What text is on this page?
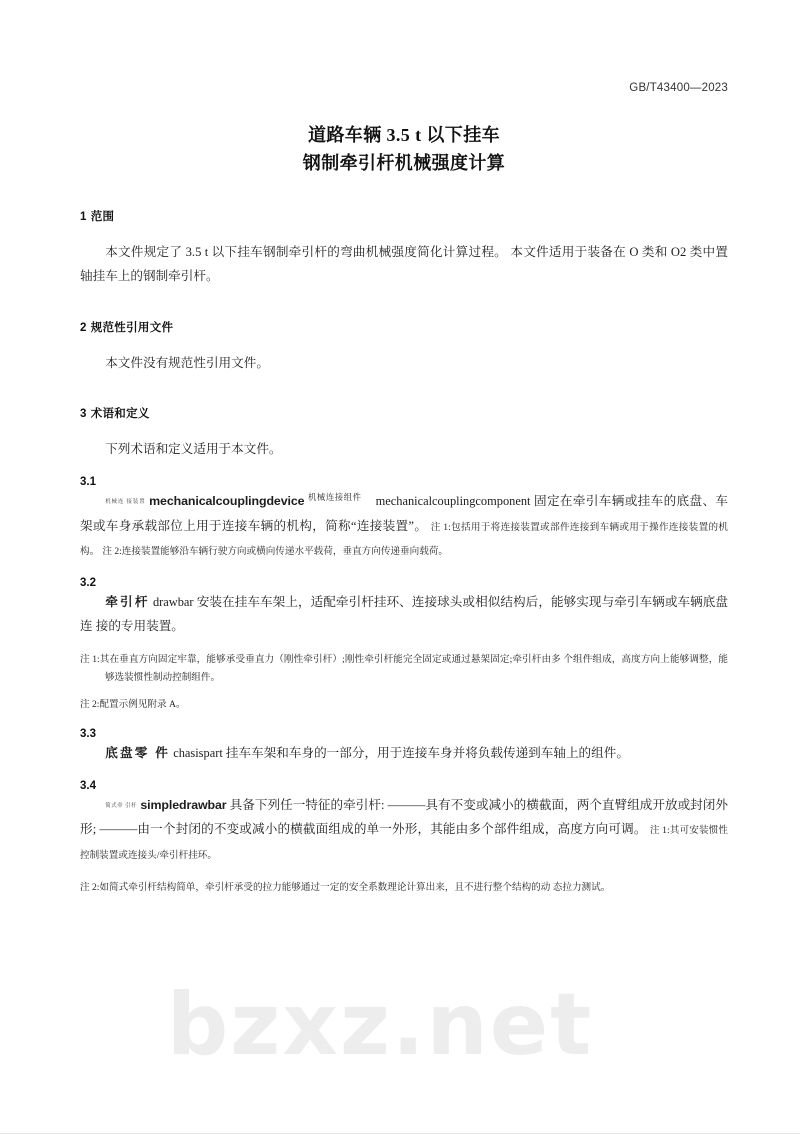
bzxz.net
GB/T43400—2023
道路车辆 3.5 t 以下挂车
钢制牵引杆机械强度计算
1 范围

本文件规定了 3.5 t 以下挂车钢制牵引杆的弯曲机械强度简化计算过程。 本文件适用于装备在 O 类和 O2 类中置轴挂车上的钢制牵引杆。

2 规范性引用文件

本文件没有规范性引用文件。

3 术语和定义

下列术语和定义适用于本文件。

3.1

机械连 接装置 mechanicalcouplingdevice $^{机械连接组件}$ mechanicalcouplingcomponent 固定在牵引车辆或挂车的底盘、车架或车身承载部位上用于连接车辆的机构，简称“连接装置”。 注 1:包括用于将连接装置或部件连接到车辆或用于操作连接装置的机构。 注 2:连接装置能够沿车辆行驶方向或横向传递水平载荷，垂直方向传递垂向载荷。

3.2

牵引杆 drawbar 安装在挂车车架上，适配牵引杆挂环、连接球头或相似结构后，能够实现与牵引车辆或车辆底盘连 接的专用装置。

注 1:其在垂直方向固定牢靠，能够承受垂直力（刚性牵引杆）;刚性牵引杆能完全固定或通过悬架固定;牵引杆由多 个组件组成，高度方向上能够调整，能够选装惯性制动控制组件。

注 2:配置示例见附录 A。

3.3

底盘零 件 chasispart 挂车车架和车身的一部分，用于连接车身并将负载传递到车轴上的组件。

3.4

简式牵 引杆 simpledrawbar 具备下列任一特征的牵引杆: ———具有不变或减小的横截面，两个直臂组成开放或封闭外形; ———由一个封闭的不变或减小的横截面组成的单一外形，其能由多个部件组成，高度方向可调。 注 1:其可安装惯性控制装置或连接头/牵引杆挂环。

注 2:如简式牵引杆结构简单，牵引杆承受的拉力能够通过一定的安全系数理论计算出来，且不进行整个结构的动 态拉力测试。
